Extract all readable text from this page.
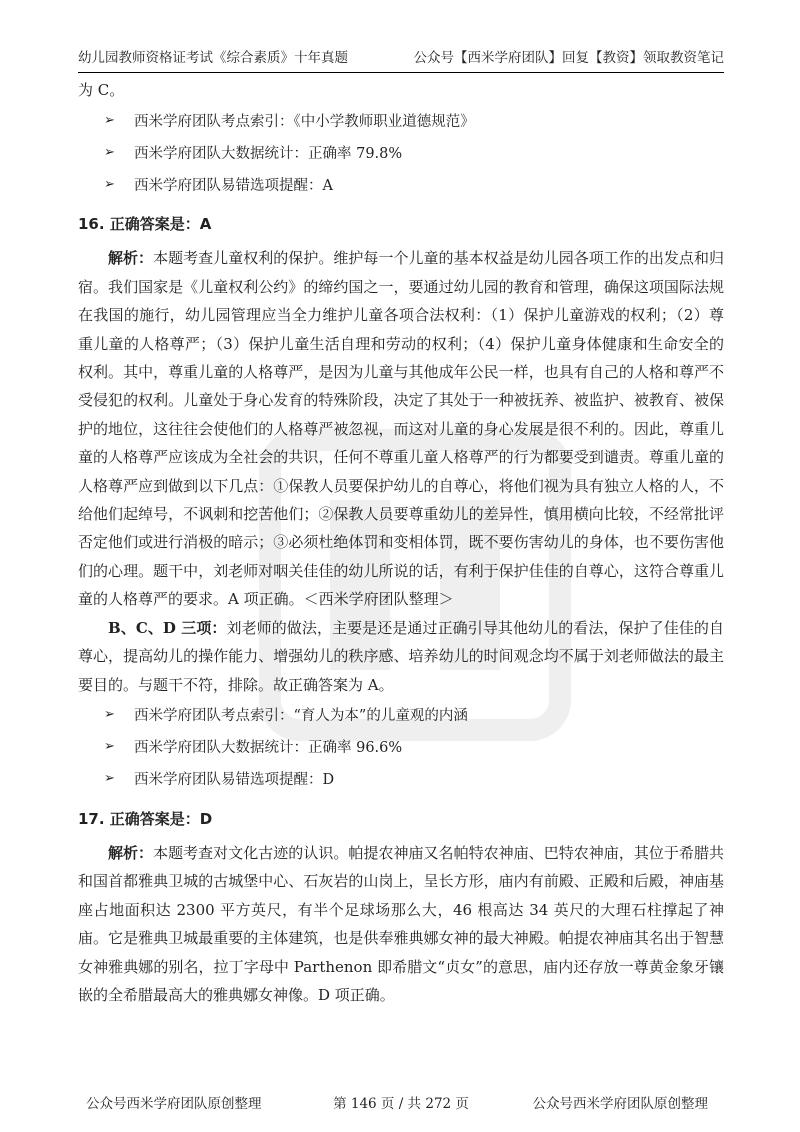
幼儿园教师资格证考试《综合素质》十年真题	公众号【西米学府团队】回复【教资】领取教资笔记

为 C。

➢	西米学府团队考点索引：《中小学教师职业道德规范》
➢	西米学府团队大数据统计：正确率 79.8%
➢	西米学府团队易错选项提醒：A
16. 正确答案是：A

解析：本题考查儿童权利的保护。维护每一个儿童的基本权益是幼儿园各项工作的出发点和归宿。我们国家是《儿童权利公约》的缔约国之一，要通过幼儿园的教育和管理，确保这项国际法规在我国的施行，幼儿园管理应当全力维护儿童各项合法权利：（1）保护儿童游戏的权利；（2）尊重儿童的人格尊严；（3）保护儿童生活自理和劳动的权利；（4）保护儿童身体健康和生命安全的权利。其中，尊重儿童的人格尊严，是因为儿童与其他成年公民一样，也具有自己的人格和尊严不受侵犯的权利。儿童处于身心发育的特殊阶段，决定了其处于一种被抚养、被监护、被教育、被保护的地位，这往往会使他们的人格尊严被忽视，而这对儿童的身心发展是很不利的。因此，尊重儿童的人格尊严应该成为全社会的共识，任何不尊重儿童人格尊严的行为都要受到谴责。尊重儿童的人格尊严应到做到以下几点：①保教人员要保护幼儿的自尊心，将他们视为具有独立人格的人，不给他们起绰号，不讽刺和挖苦他们；②保教人员要尊重幼儿的差异性，慎用横向比较，不经常批评否定他们或进行消极的暗示；③必须杜绝体罚和变相体罚，既不要伤害幼儿的身体，也不要伤害他们的心理。题干中，刘老师对咽关佳佳的幼儿所说的话，有利于保护佳佳的自尊心，这符合尊重儿童的人格尊严的要求。A 项正确。＜西米学府团队整理＞

B、C、D 三项：刘老师的做法，主要是还是通过正确引导其他幼儿的看法，保护了佳佳的自尊心，提高幼儿的操作能力、增强幼儿的秩序感、培养幼儿的时间观念均不属于刘老师做法的最主要目的。与题干不符，排除。故正确答案为 A。

➢	西米学府团队考点索引：“育人为本”的儿童观的内涵
➢	西米学府团队大数据统计：正确率 96.6%
➢	西米学府团队易错选项提醒：D
17. 正确答案是：D

解析：本题考查对文化古迹的认识。帕提农神庙又名帕特农神庙、巴特农神庙，其位于希腊共和国首都雅典卫城的古城堡中心、石灰岩的山岗上，呈长方形，庙内有前殿、正殿和后殿，神庙基座占地面积达 2300 平方英尺，有半个足球场那么大，46 根高达 34 英尺的大理石柱撑起了神庙。它是雅典卫城最重要的主体建筑，也是供奉雅典娜女神的最大神殿。帕提农神庙其名出于智慧女神雅典娜的别名，拉丁字母中 Parthenon 即希腊文“贞女”的意思，庙内还存放一尊黄金象牙镶嵌的全希腊最高大的雅典娜女神像。D 项正确。

公众号西米学府团队原创整理	第 146 页 / 共 272 页	公众号西米学府团队原创整理
